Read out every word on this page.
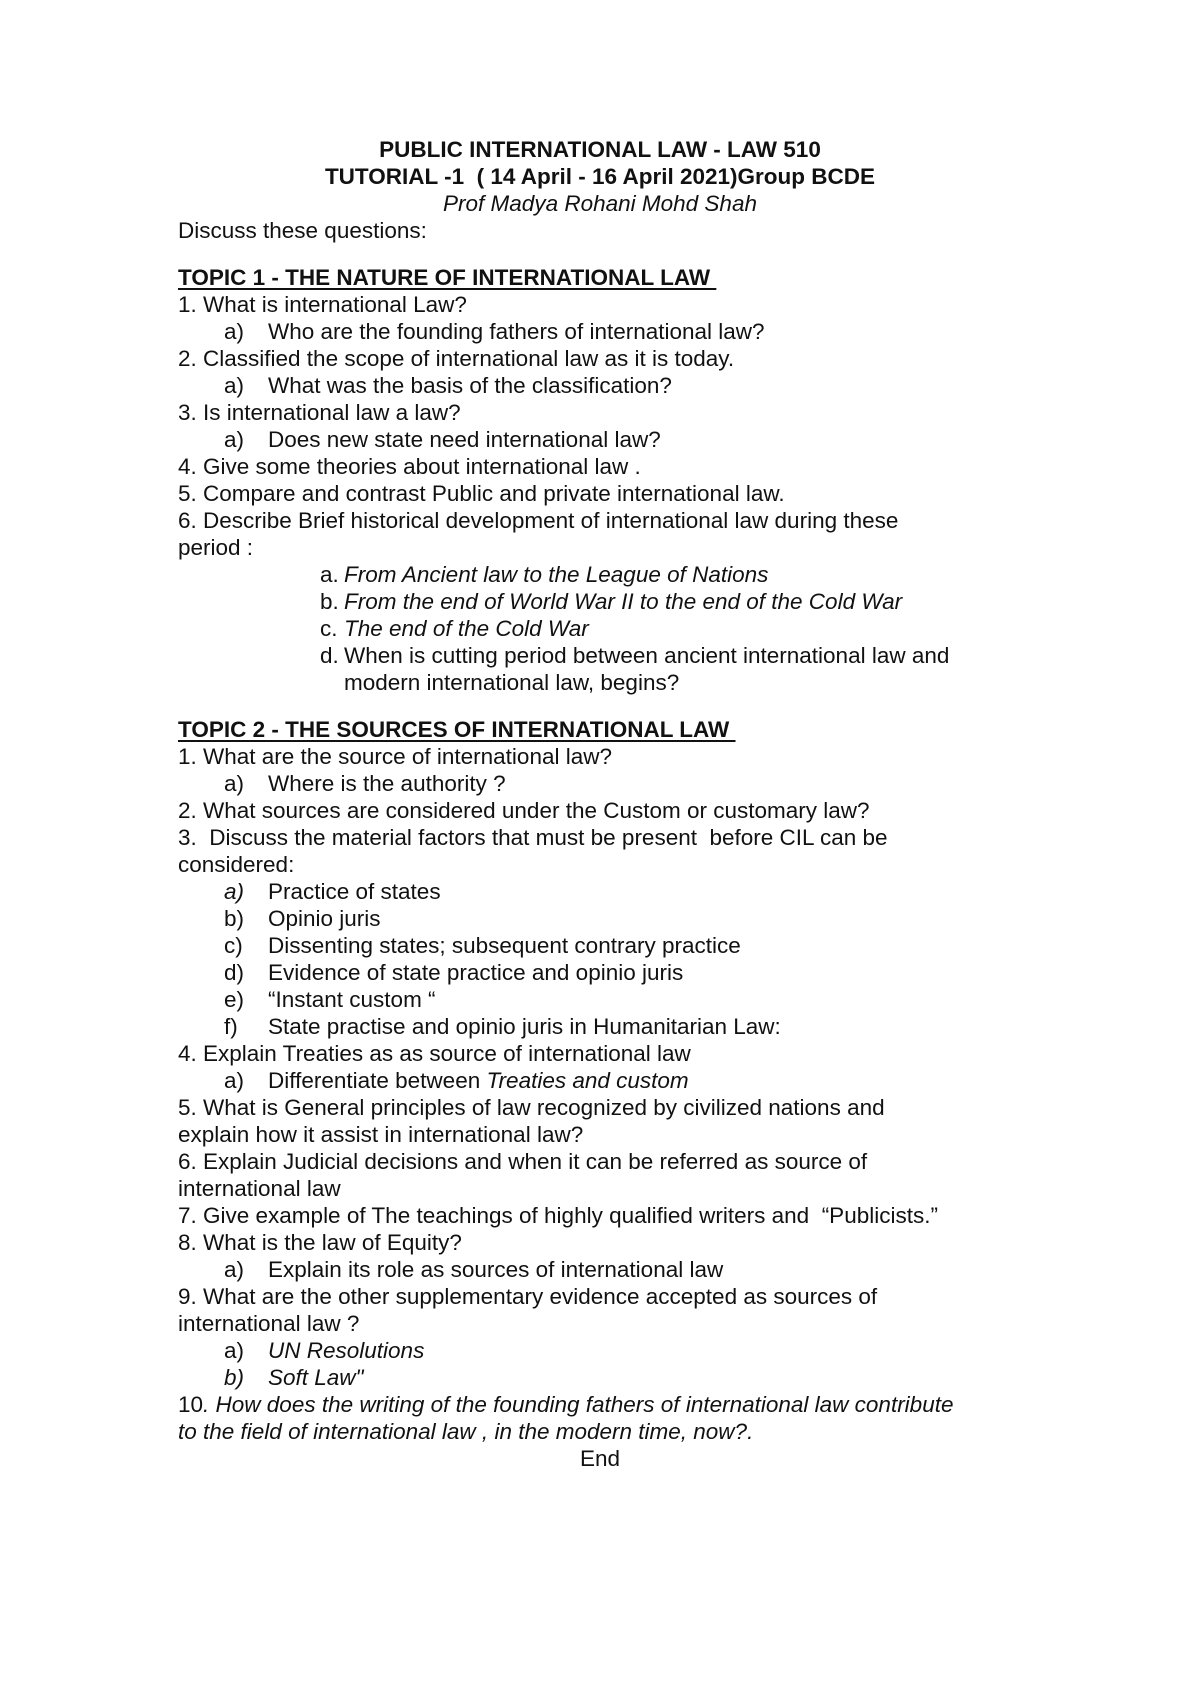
PUBLIC INTERNATIONAL LAW - LAW 510
TUTORIAL -1  ( 14 April - 16 April 2021)Group BCDE
Prof Madya Rohani Mohd Shah
Discuss these questions:
TOPIC 1 - THE NATURE OF INTERNATIONAL LAW
1. What is international Law?
a) Who are the founding fathers of international law?
2. Classified the scope of international law as it is today.
a) What was the basis of the classification?
3. Is international law a law?
a) Does new state need international law?
4. Give some theories about international law .
5. Compare and contrast Public and private international law.
6. Describe Brief historical development of international law during these
period :
a. From Ancient law to the League of Nations
b. From the end of World War II to the end of the Cold War
c. The end of the Cold War
d. When is cutting period between ancient international law and
modern international law, begins?
TOPIC 2 - THE SOURCES OF INTERNATIONAL LAW
1. What are the source of international law?
a) Where is the authority ?
2. What sources are considered under the Custom or customary law?
3.  Discuss the material factors that must be present  before CIL can be
considered:
a) Practice of states
b) Opinio juris
c) Dissenting states; subsequent contrary practice
d) Evidence of state practice and opinio juris
e) “Instant custom “
f) State practise and opinio juris in Humanitarian Law:
4. Explain Treaties as as source of international law
a) Differentiate between Treaties and custom
5. What is General principles of law recognized by civilized nations and
explain how it assist in international law?
6. Explain Judicial decisions and when it can be referred as source of
international law
7. Give example of The teachings of highly qualified writers and  “Publicists.”
8. What is the law of Equity?
a) Explain its role as sources of international law
9. What are the other supplementary evidence accepted as sources of
international law ?
a) UN Resolutions
b) Soft Law"
10. How does the writing of the founding fathers of international law contribute
to the field of international law , in the modern time, now?.
End
